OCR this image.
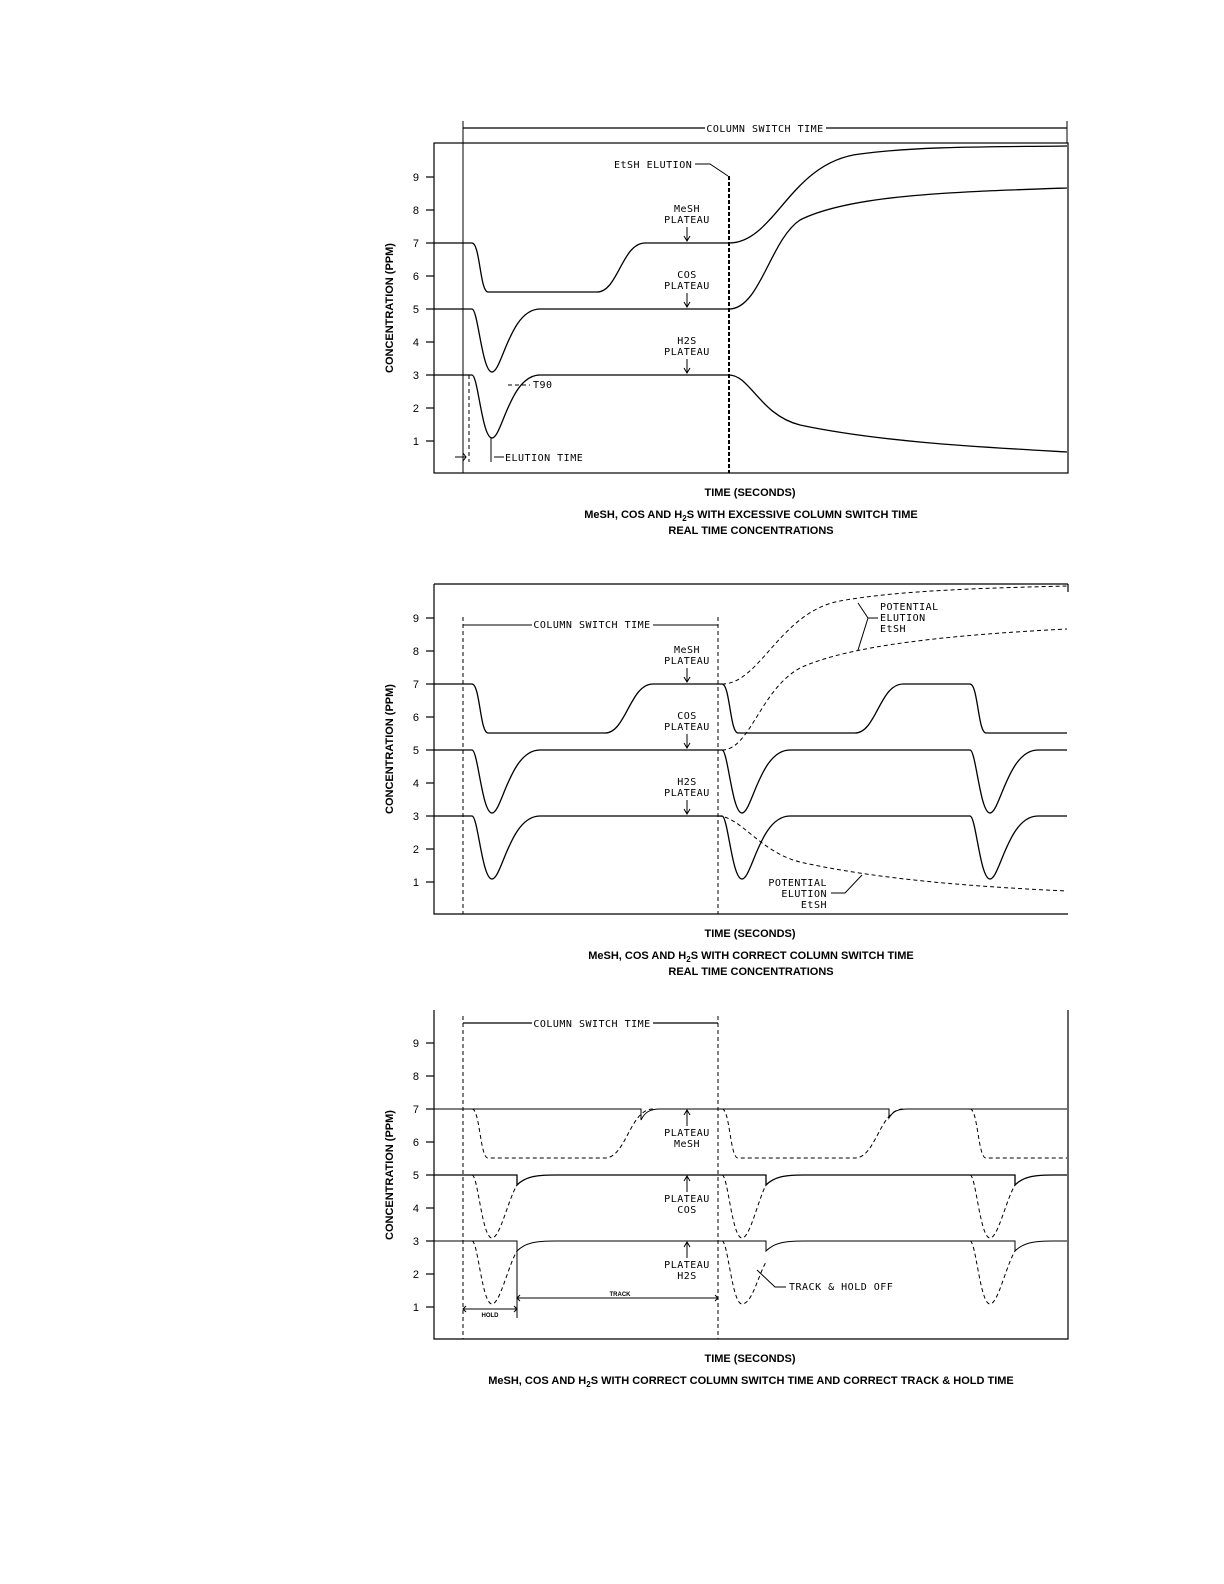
1
2
3
4
5
6
7
8
9
CONCENTRATION (PPM)
TIME (SECONDS)
COLUMN SWITCH TIME
EtSH ELUTION
ELUTION TIME
T90
MeSH
PLATEAU
COS
PLATEAU
H2S
PLATEAU
MeSH, COS AND $H_2S$ WITH EXCESSIVE COLUMN SWITCH TIME
REAL TIME CONCENTRATIONS
1
2
3
4
5
6
7
8
9
CONCENTRATION (PPM)
TIME (SECONDS)
COLUMN SWITCH TIME
POTENTIAL
ELUTION
EtSH
POTENTIAL
ELUTION
EtSH
MeSH
PLATEAU
COS
PLATEAU
H2S
PLATEAU
MeSH, COS AND $H_2S$ WITH CORRECT COLUMN SWITCH TIME
REAL TIME CONCENTRATIONS
1
2
3
4
5
6
7
8
9
CONCENTRATION (PPM)
TIME (SECONDS)
COLUMN SWITCH TIME
PLATEAU
MeSH
PLATEAU
COS
PLATEAU
H2S
TRACK & HOLD OFF
HOLD
TRACK
MeSH, COS AND $H_2S$ WITH CORRECT COLUMN SWITCH TIME AND CORRECT TRACK & HOLD TIME
